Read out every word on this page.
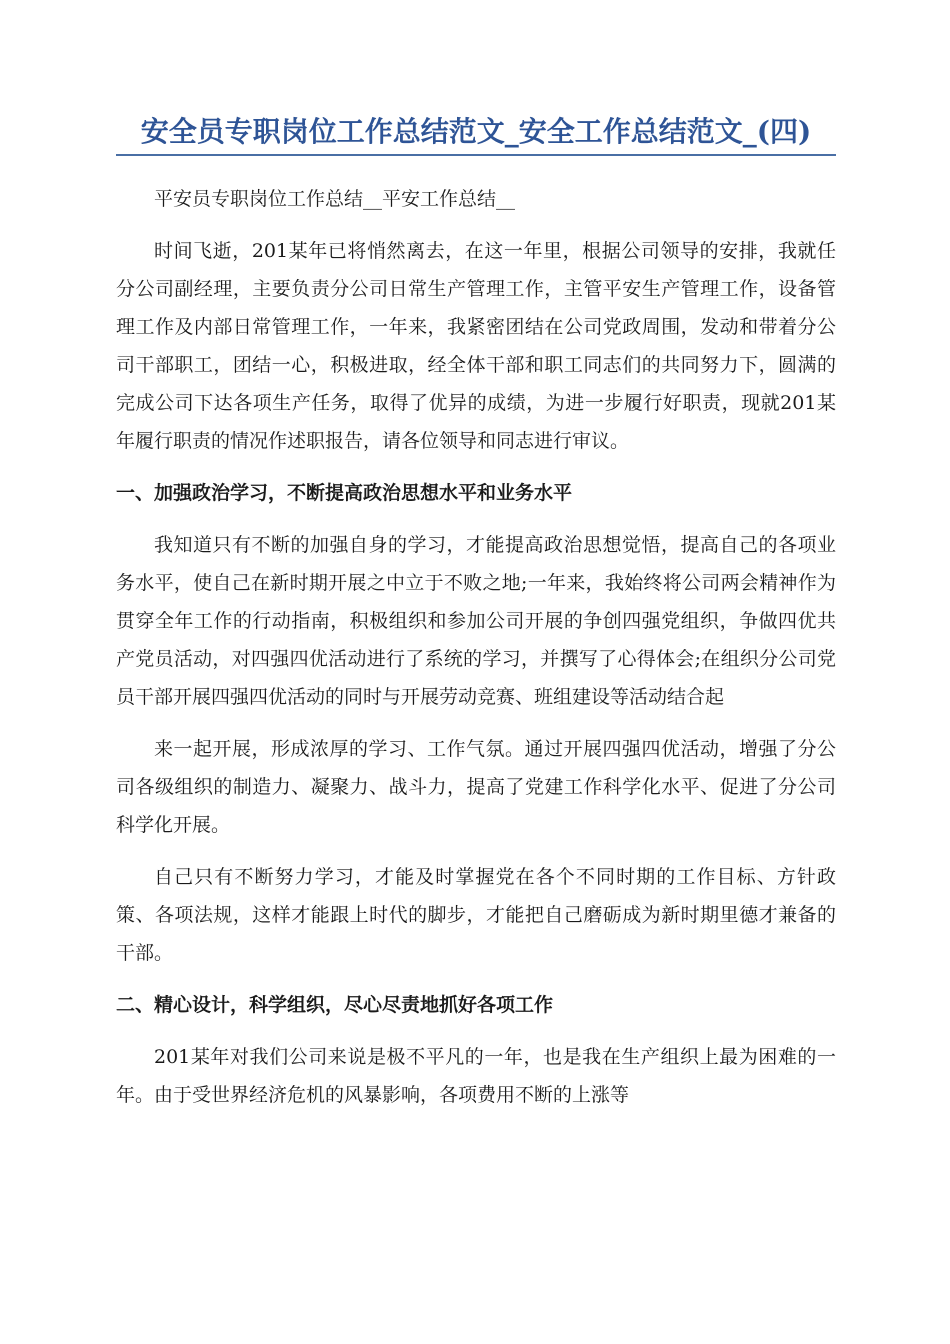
安全员专职岗位工作总结范文_安全工作总结范文_(四)
平安员专职岗位工作总结__平安工作总结__

时间飞逝，201某年已将悄然离去，在这一年里，根据公司领导的安排，我就任分公司副经理，主要负责分公司日常生产管理工作，主管平安生产管理工作，设备管理工作及内部日常管理工作，一年来，我紧密团结在公司党政周围，发动和带着分公司干部职工，团结一心，积极进取，经全体干部和职工同志们的共同努力下，圆满的完成公司下达各项生产任务，取得了优异的成绩，为进一步履行好职责，现就201某年履行职责的情况作述职报告，请各位领导和同志进行审议。

一、加强政治学习，不断提高政治思想水平和业务水平

我知道只有不断的加强自身的学习，才能提高政治思想觉悟，提高自己的各项业务水平，使自己在新时期开展之中立于不败之地;一年来，我始终将公司两会精神作为贯穿全年工作的行动指南，积极组织和参加公司开展的争创四强党组织，争做四优共产党员活动，对四强四优活动进行了系统的学习，并撰写了心得体会;在组织分公司党员干部开展四强四优活动的同时与开展劳动竞赛、班组建设等活动结合起

来一起开展，形成浓厚的学习、工作气氛。通过开展四强四优活动，增强了分公司各级组织的制造力、凝聚力、战斗力，提高了党建工作科学化水平、促进了分公司科学化开展。

自己只有不断努力学习，才能及时掌握党在各个不同时期的工作目标、方针政策、各项法规，这样才能跟上时代的脚步，才能把自己磨砺成为新时期里德才兼备的干部。

二、精心设计，科学组织，尽心尽责地抓好各项工作

201某年对我们公司来说是极不平凡的一年，也是我在生产组织上最为困难的一年。由于受世界经济危机的风暴影响，各项费用不断的上涨等
